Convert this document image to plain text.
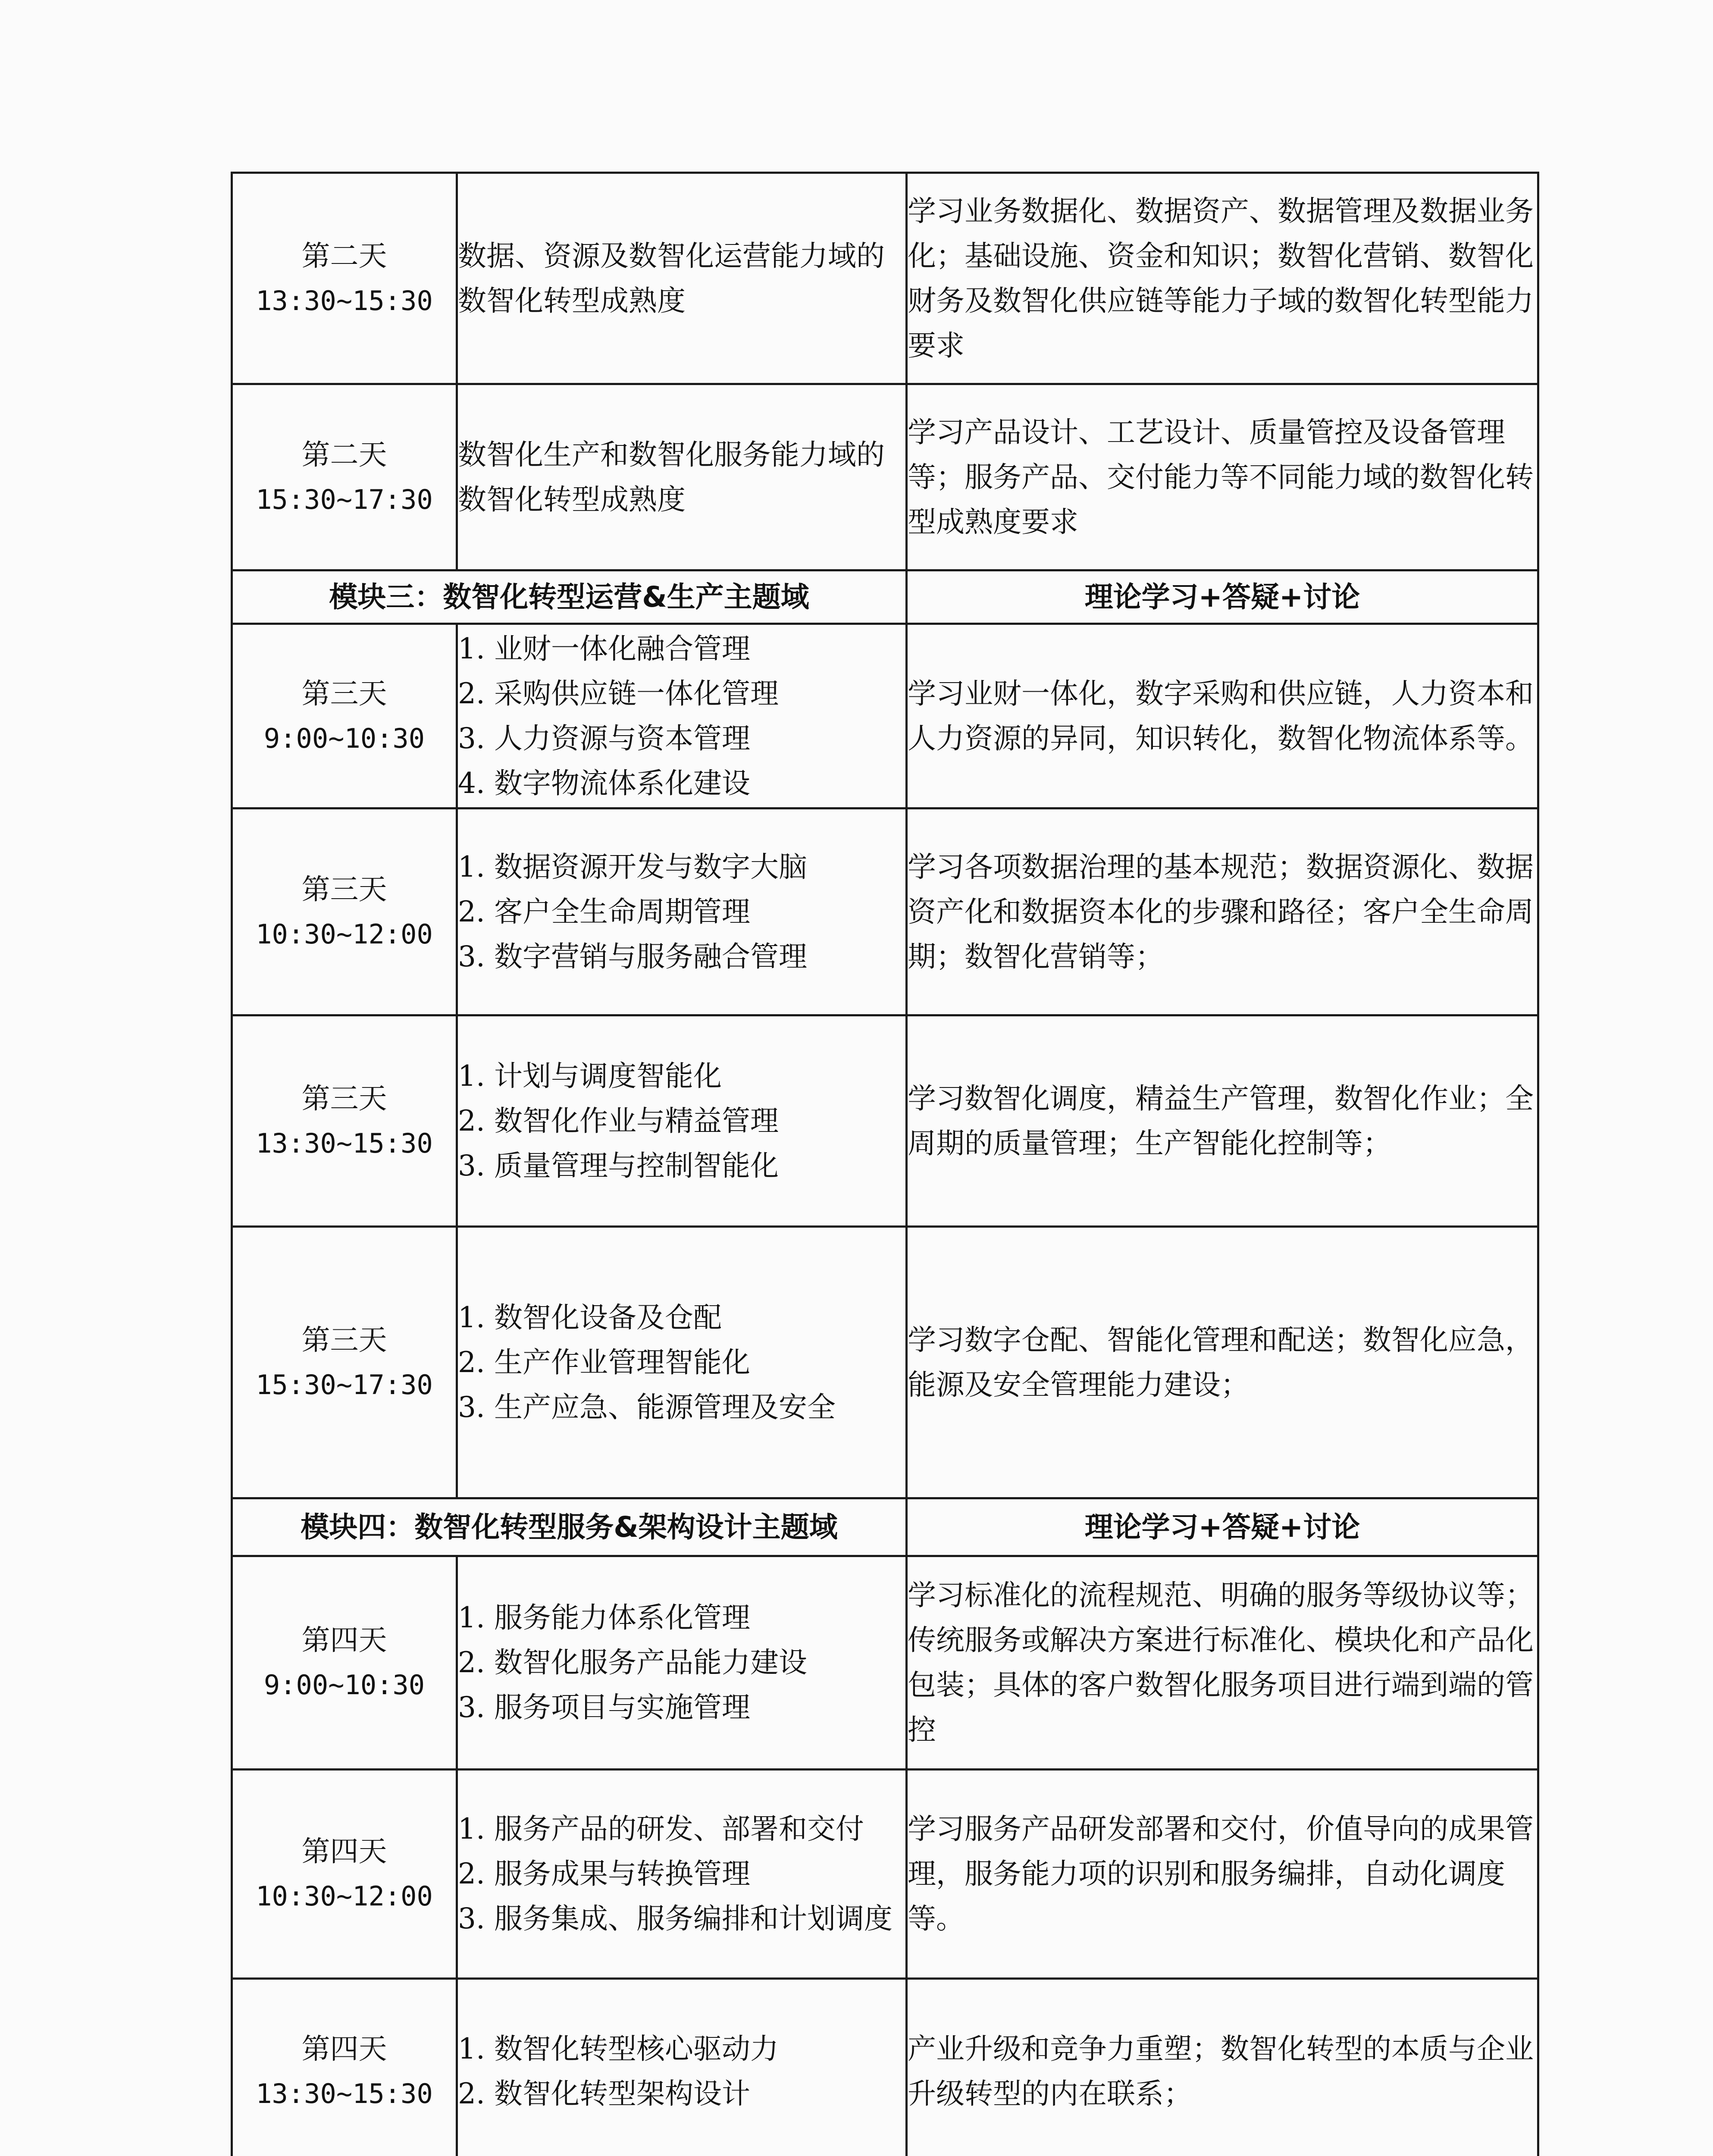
第二天
13:30~15:30	数据、资源及数智化运营能力域的数智化转型成熟度	学习业务数据化、数据资产、数据管理及数据业务化；基础设施、资金和知识；数智化营销、数智化财务及数智化供应链等能力子域的数智化转型能力要求

第二天
15:30~17:30	数智化生产和数智化服务能力域的数智化转型成熟度	学习产品设计、工艺设计、质量管控及设备管理等；服务产品、交付能力等不同能力域的数智化转型成熟度要求
模块三：数智化转型运营&生产主题域		理论学习+答疑+讨论

第三天
9:00~10:30	1. 业财一体化融合管理
2. 采购供应链一体化管理
3. 人力资源与资本管理
4. 数字物流体系化建设	学习业财一体化，数字采购和供应链，人力资本和人力资源的异同，知识转化，数智化物流体系等。

第三天
10:30~12:00	1. 数据资源开发与数字大脑
2. 客户全生命周期管理
3. 数字营销与服务融合管理	学习各项数据治理的基本规范；数据资源化、数据资产化和数据资本化的步骤和路径；客户全生命周期；数智化营销等；

第三天
13:30~15:30	1. 计划与调度智能化
2. 数智化作业与精益管理
3. 质量管理与控制智能化	学习数智化调度，精益生产管理，数智化作业；全周期的质量管理；生产智能化控制等；

第三天
15:30~17:30	1. 数智化设备及仓配
2. 生产作业管理智能化
3. 生产应急、能源管理及安全	学习数字仓配、智能化管理和配送；数智化应急，能源及安全管理能力建设；
模块四：数智化转型服务&架构设计主题域		理论学习+答疑+讨论

第四天
9:00~10:30	1. 服务能力体系化管理
2. 数智化服务产品能力建设
3. 服务项目与实施管理	学习标准化的流程规范、明确的服务等级协议等；传统服务或解决方案进行标准化、模块化和产品化包装；具体的客户数智化服务项目进行端到端的管控

第四天
10:30~12:00	1. 服务产品的研发、部署和交付
2. 服务成果与转换管理
3. 服务集成、服务编排和计划调度	学习服务产品研发部署和交付，价值导向的成果管理，服务能力项的识别和服务编排，自动化调度等。

第四天
13:30~15:30	1. 数智化转型核心驱动力
2. 数智化转型架构设计	产业升级和竞争力重塑；数智化转型的本质与企业升级转型的内在联系；
